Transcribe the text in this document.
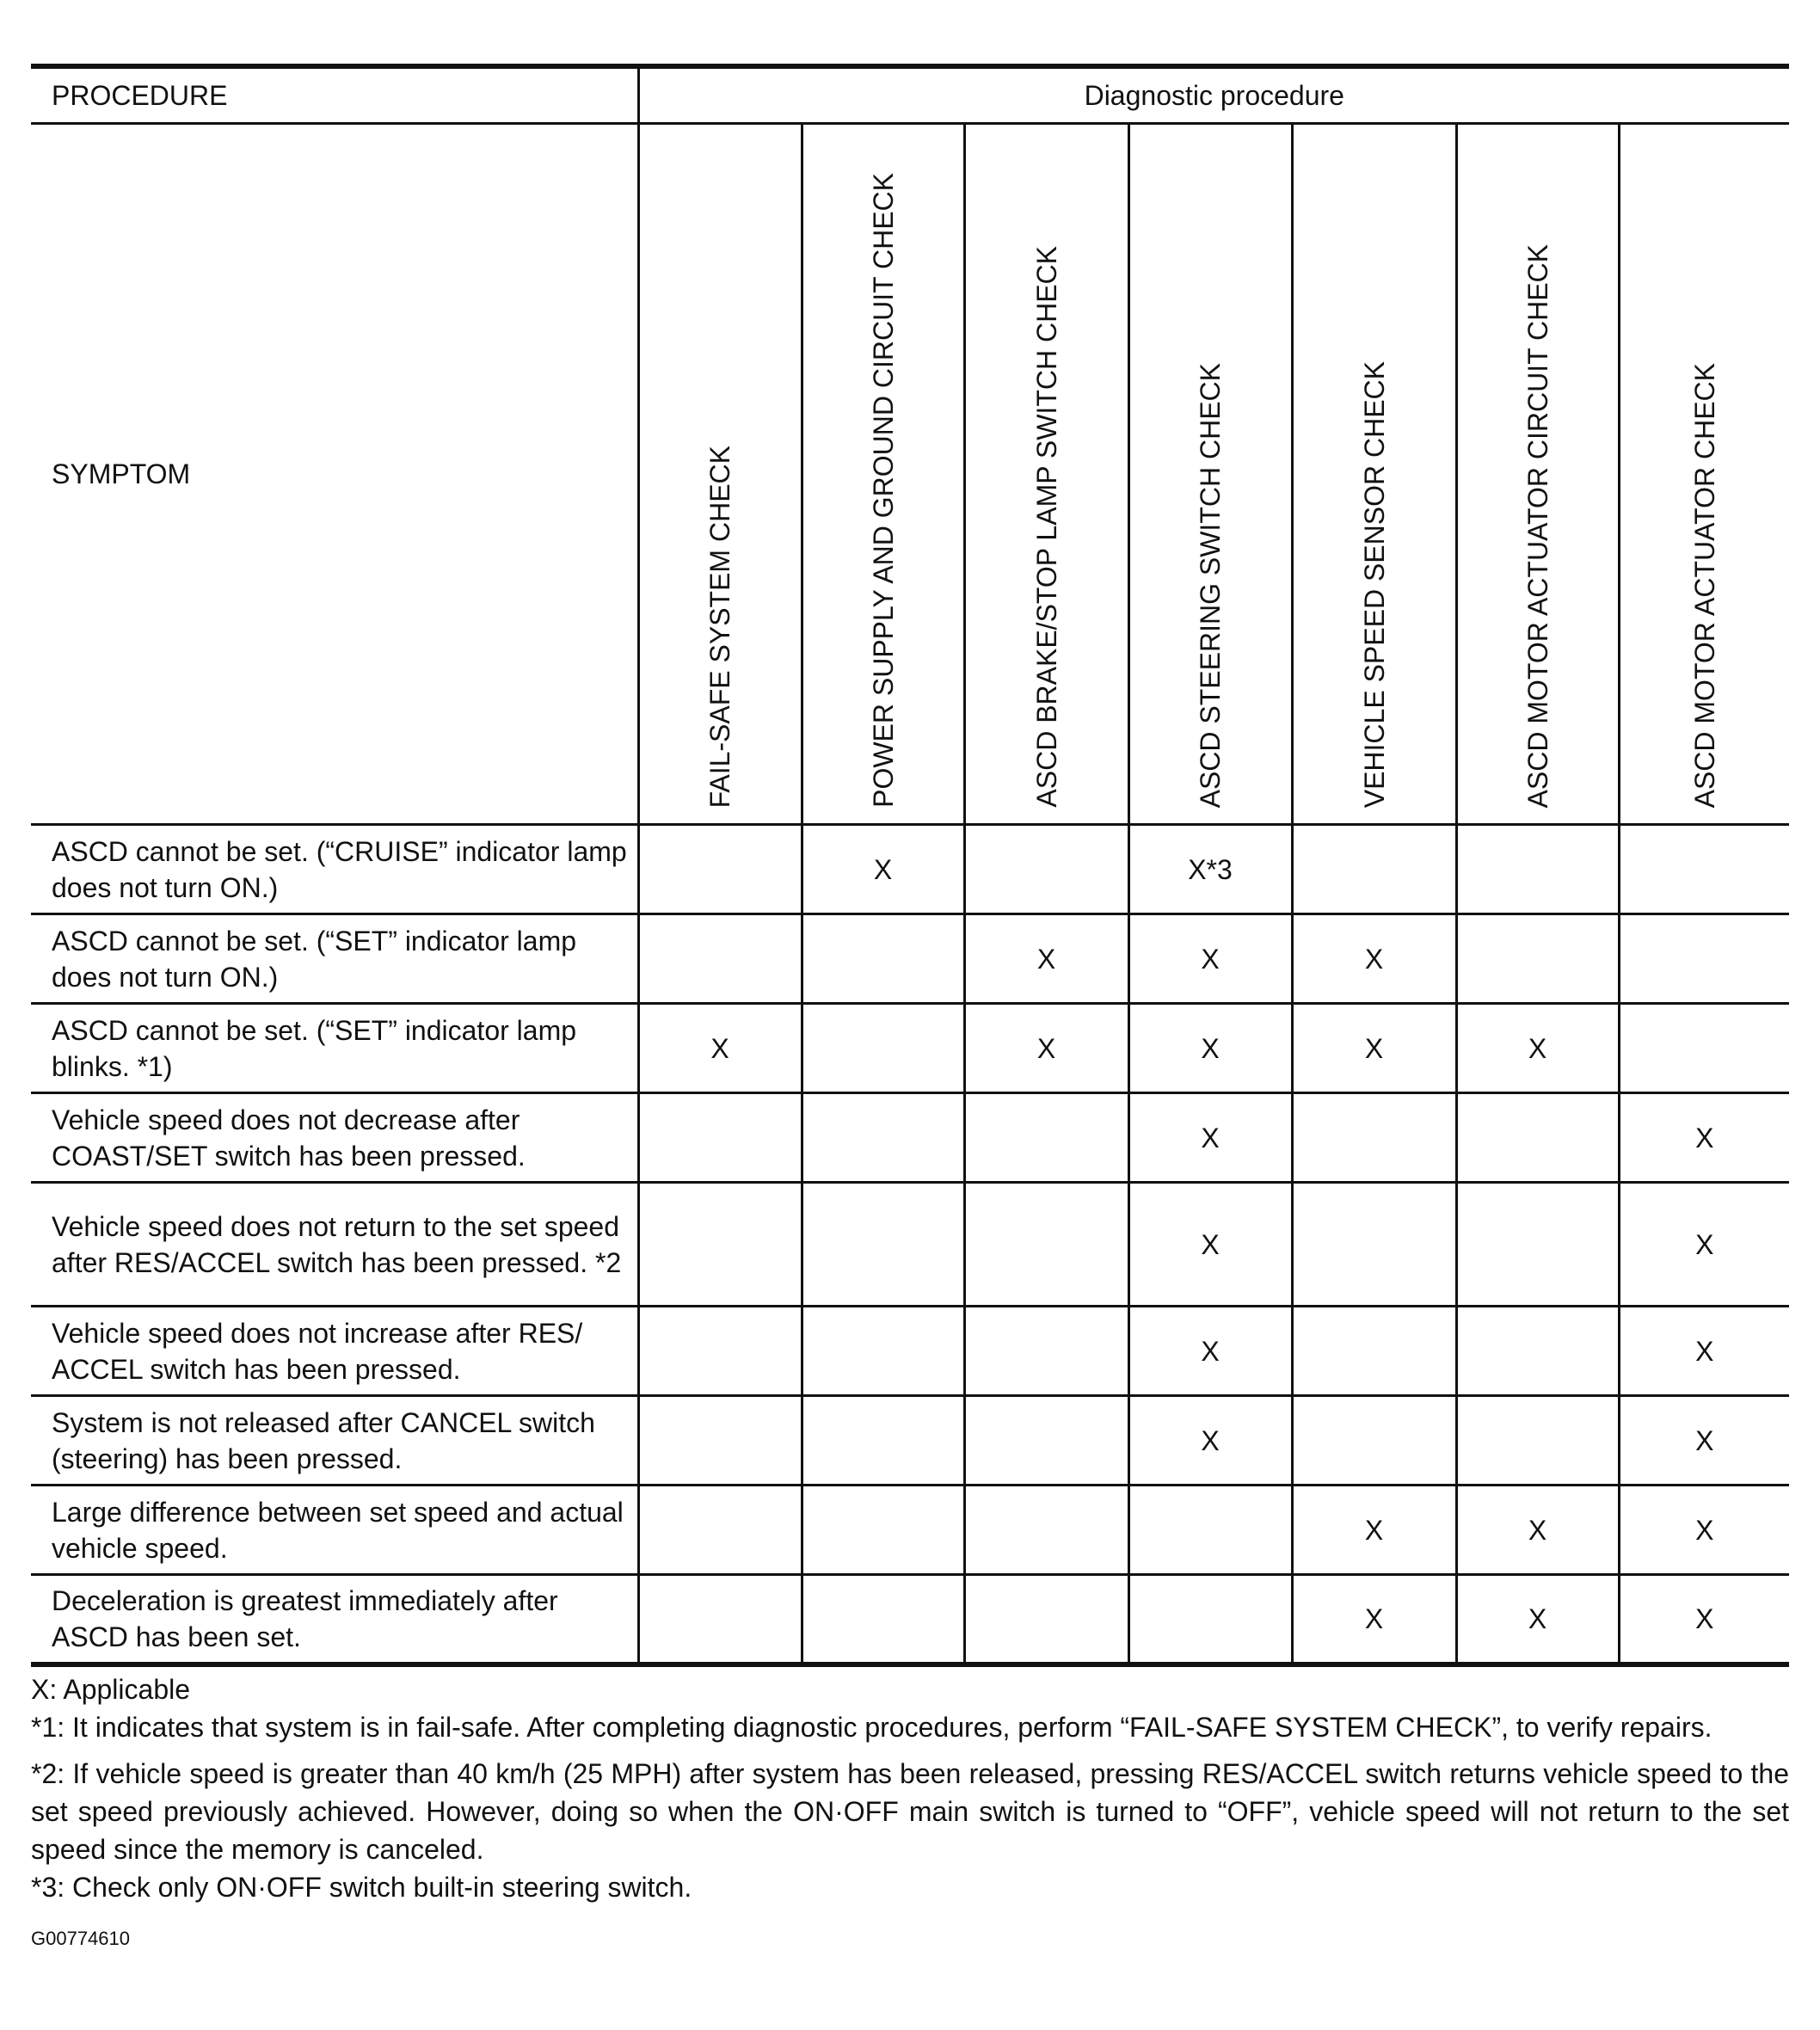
PROCEDURE	Diagnostic procedure						
SYMPTOM	FAIL-SAFE SYSTEM CHECK	POWER SUPPLY AND GROUND CIRCUIT CHECK	ASCD BRAKE/STOP LAMP SWITCH CHECK	ASCD STEERING SWITCH CHECK	VEHICLE SPEED SENSOR CHECK	ASCD MOTOR ACTUATOR CIRCUIT CHECK	ASCD MOTOR ACTUATOR CHECK

ASCD cannot be set. (“CRUISE” indicator lamp does not turn ON.)		X		X*3			
ASCD cannot be set. (“SET” indicator lamp does not turn ON.)			X	X	X		
ASCD cannot be set. (“SET” indicator lamp blinks. *1)	X		X	X	X	X	
Vehicle speed does not decrease after COAST/SET switch has been pressed.				X			X
Vehicle speed does not return to the set speed after RES/ACCEL switch has been pressed. *2				X			X
Vehicle speed does not increase after RES/ ACCEL switch has been pressed.				X			X
System is not released after CANCEL switch (steering) has been pressed.				X			X
Large difference between set speed and actual vehicle speed.					X	X	X
Deceleration is greatest immediately after ASCD has been set.					X	X	X

X: Applicable

*1: It indicates that system is in fail-safe. After completing diagnostic procedures, perform “FAIL-SAFE SYSTEM CHECK”, to verify repairs.

*2: If vehicle speed is greater than 40 km/h (25 MPH) after system has been released, pressing RES/ACCEL switch returns vehicle speed to the set speed previously achieved. However, doing so when the ON·OFF main switch is turned to “OFF”, vehicle speed will not return to the set speed since the memory is canceled.

*3: Check only ON·OFF switch built-in steering switch.

G00774610
